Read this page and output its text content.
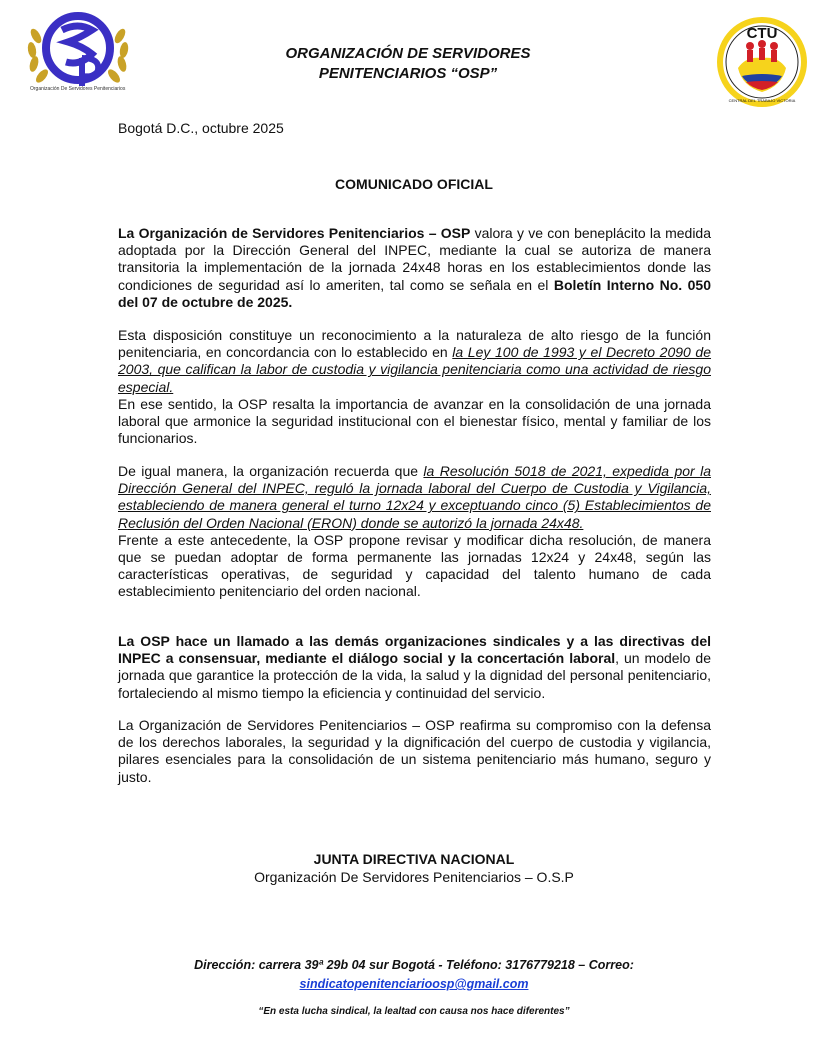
Organización De Servidores Penitenciarios
ORGANIZACIÓN DE SERVIDORES
PENITENCIARIOS “OSP”
CTU
CENTRAL DEL TRABAJO VICTORIA
Bogotá D.C., octubre 2025
COMUNICADO OFICIAL
La Organización de Servidores Penitenciarios – OSP valora y ve con beneplácito la medida adoptada por la Dirección General del INPEC, mediante la cual se autoriza de manera transitoria la implementación de la jornada 24x48 horas en los establecimientos donde las condiciones de seguridad así lo ameriten, tal como se señala en el Boletín Interno No. 050 del 07 de octubre de 2025.
Esta disposición constituye un reconocimiento a la naturaleza de alto riesgo de la función penitenciaria, en concordancia con lo establecido en la Ley 100 de 1993 y el Decreto 2090 de 2003, que califican la labor de custodia y vigilancia penitenciaria como una actividad de riesgo especial.
En ese sentido, la OSP resalta la importancia de avanzar en la consolidación de una jornada laboral que armonice la seguridad institucional con el bienestar físico, mental y familiar de los funcionarios.
De igual manera, la organización recuerda que la Resolución 5018 de 2021, expedida por la Dirección General del INPEC, reguló la jornada laboral del Cuerpo de Custodia y Vigilancia, estableciendo de manera general el turno 12x24 y exceptuando cinco (5) Establecimientos de Reclusión del Orden Nacional (ERON) donde se autorizó la jornada 24x48.
Frente a este antecedente, la OSP propone revisar y modificar dicha resolución, de manera que se puedan adoptar de forma permanente las jornadas 12x24 y 24x48, según las características operativas, de seguridad y capacidad del talento humano de cada establecimiento penitenciario del orden nacional.
La OSP hace un llamado a las demás organizaciones sindicales y a las directivas del INPEC a consensuar, mediante el diálogo social y la concertación laboral, un modelo de jornada que garantice la protección de la vida, la salud y la dignidad del personal penitenciario, fortaleciendo al mismo tiempo la eficiencia y continuidad del servicio.
La Organización de Servidores Penitenciarios – OSP reafirma su compromiso con la defensa de los derechos laborales, la seguridad y la dignificación del cuerpo de custodia y vigilancia, pilares esenciales para la consolidación de un sistema penitenciario más humano, seguro y justo.
JUNTA DIRECTIVA NACIONAL
Organización De Servidores Penitenciarios – O.S.P
Dirección: carrera 39ª 29b 04 sur Bogotá - Teléfono: 3176779218 – Correo:
sindicatopenitenciarioosp@gmail.com
“En esta lucha sindical, la lealtad con causa nos hace diferentes”
